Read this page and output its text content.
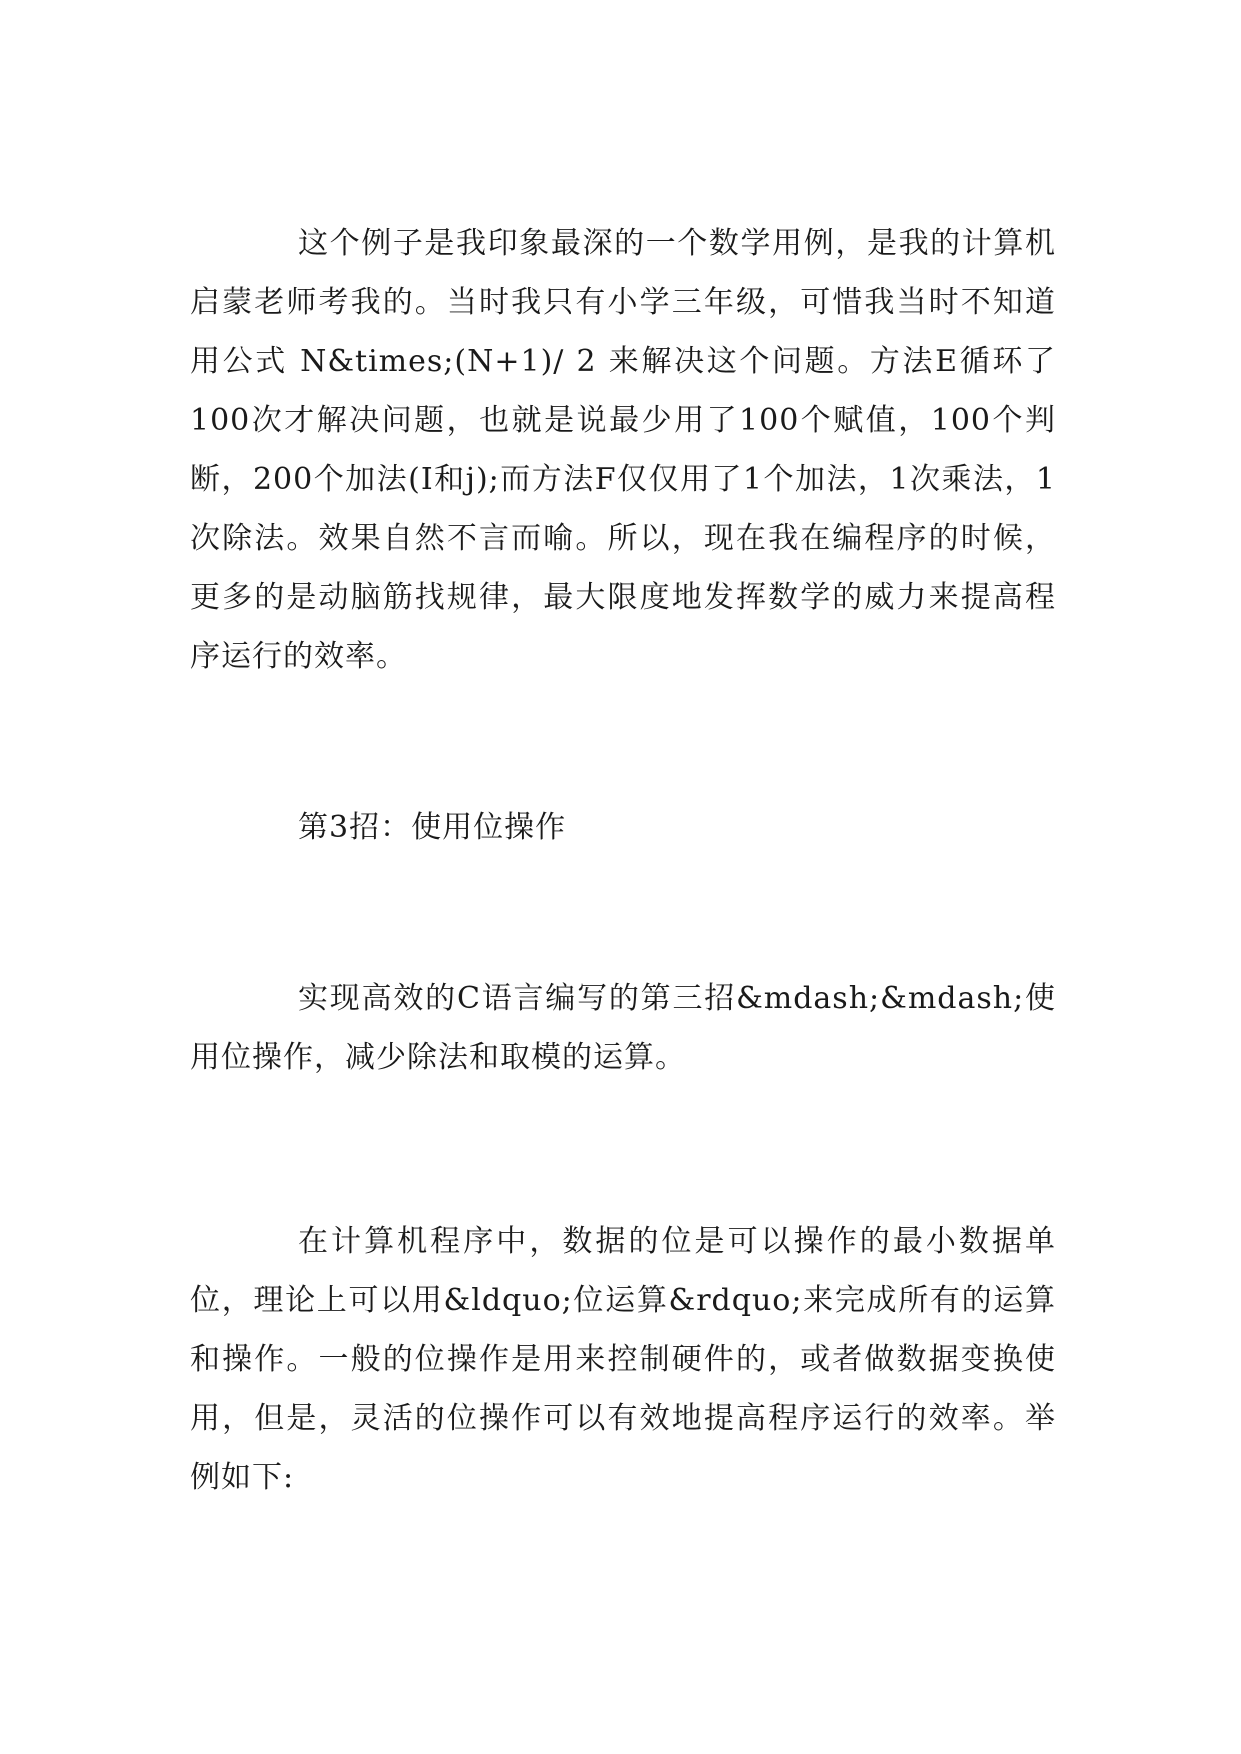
这个例子是我印象最深的一个数学用例，是我的计算机启蒙老师考我的。当时我只有小学三年级，可惜我当时不知道用公式 N&times;(N+1)/ 2 来解决这个问题。方法E循环了100次才解决问题，也就是说最少用了100个赋值，100个判断，200个加法(I和j);而方法F仅仅用了1个加法，1次乘法，1次除法。效果自然不言而喻。所以，现在我在编程序的时候，更多的是动脑筋找规律，最大限度地发挥数学的威力来提高程序运行的效率。

第3招：使用位操作

实现高效的C语言编写的第三招&mdash;&mdash;使用位操作，减少除法和取模的运算。

在计算机程序中，数据的位是可以操作的最小数据单位，理论上可以用&ldquo;位运算&rdquo;来完成所有的运算和操作。一般的位操作是用来控制硬件的，或者做数据变换使用，但是，灵活的位操作可以有效地提高程序运行的效率。举例如下:
